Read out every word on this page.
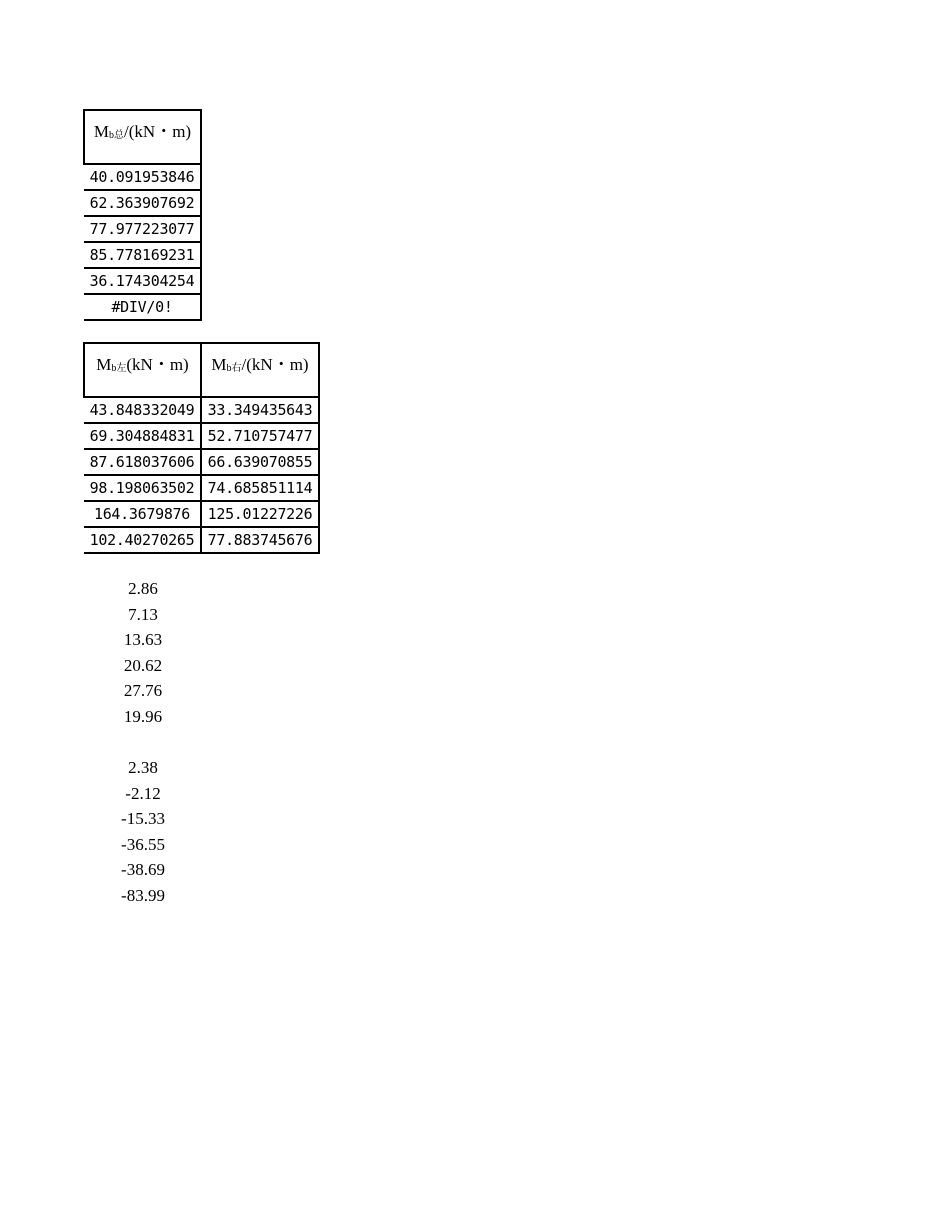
$M_{b总}/(kN$・m)
40.091953846
62.363907692
77.977223077
85.778169231
36.174304254
#DIV/0!
$M_{b左}(kN$・m)	$M_{b右}/(kN$・m)
43.848332049	33.349435643
69.304884831	52.710757477
87.618037606	66.639070855
98.198063502	74.685851114
164.3679876	125.01227226
102.40270265	77.883745676
2.86
7.13
13.63
20.62
27.76
19.96
2.38
-2.12
-15.33
-36.55
-38.69
-83.99
